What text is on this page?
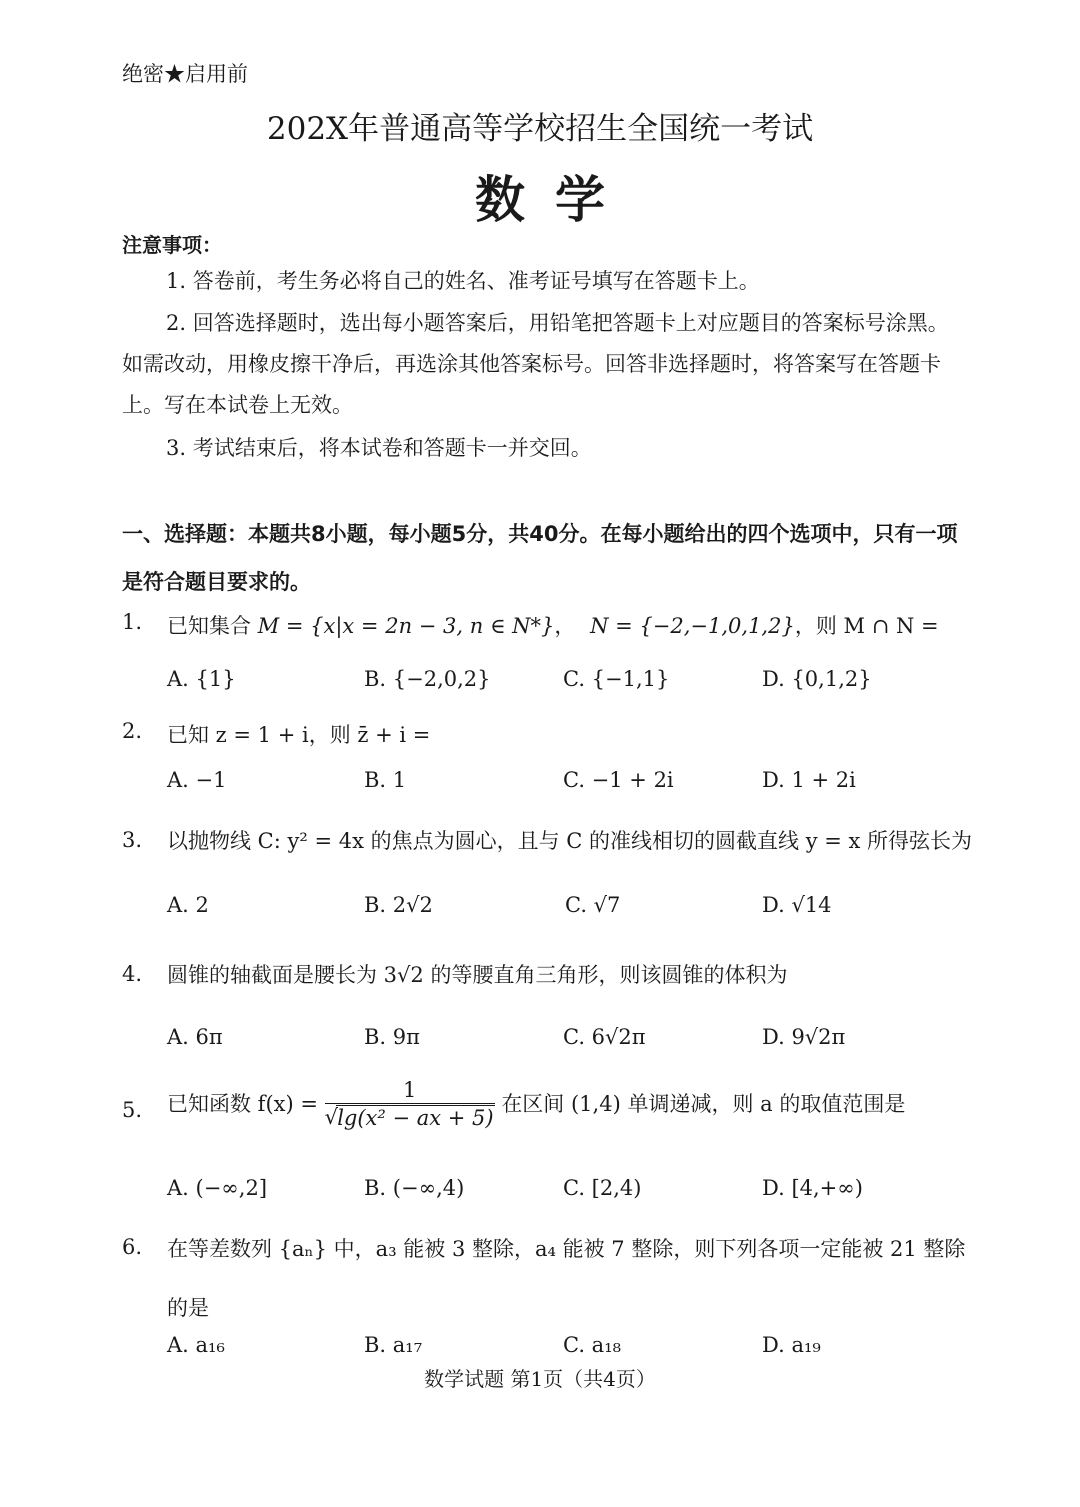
绝密★启用前
202X年普通高等学校招生全国统一考试
数学
注意事项：
1. 答卷前，考生务必将自己的姓名、准考证号填写在答题卡上。
2. 回答选择题时，选出每小题答案后，用铅笔把答题卡上对应题目的答案标号涂黑。如需改动，用橡皮擦干净后，再选涂其他答案标号。回答非选择题时，将答案写在答题卡上。写在本试卷上无效。
3. 考试结束后，将本试卷和答题卡一并交回。
一、选择题：本题共8小题，每小题5分，共40分。在每小题给出的四个选项中，只有一项是符合题目要求的。
1. 已知集合 M = {x|x = 2n − 3, n ∈ N*}， N = {−2,−1,0,1,2}，则 M ∩ N =
A. {1}	B. {−2,0,2}	C. {−1,1}	D. {0,1,2}
2. 已知 z = 1 + i，则 z̄ + i =
A. −1	B. 1	C. −1 + 2i	D. 1 + 2i
3. 以抛物线 C: y² = 4x 的焦点为圆心，且与 C 的准线相切的圆截直线 y = x 所得弦长为
A. 2	B. 2√2	C. √7	D. √14
4. 圆锥的轴截面是腰长为 3√2 的等腰直角三角形，则该圆锥的体积为
A. 6π	B. 9π	C. 6√2π	D. 9√2π
5. 已知函数 f(x) = 1
√ lg(x² − ax + 5) 在区间 (1,4) 单调递减，则 a 的取值范围是
A. (−∞,2]	B. (−∞,4)	C. [2,4)	D. [4,+∞)
6. 在等差数列 {aₙ} 中，a₃ 能被 3 整除，a₄ 能被 7 整除，则下列各项一定能被 21 整除
的是
A. a₁₆	B. a₁₇	C. a₁₈	D. a₁₉
数学试题 第1页（共4页）
